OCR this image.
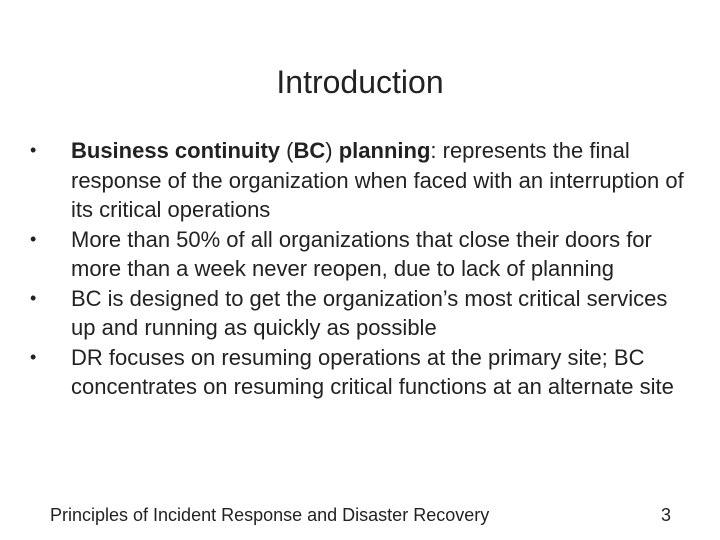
Introduction
• Business continuity (BC) planning: represents the final response of the organization when faced with an interruption of its critical operations
• More than 50% of all organizations that close their doors for more than a week never reopen, due to lack of planning
• BC is designed to get the organization’s most critical services up and running as quickly as possible
• DR focuses on resuming operations at the primary site; BC concentrates on resuming critical functions at an alternate site
Principles of Incident Response and Disaster Recovery	3
